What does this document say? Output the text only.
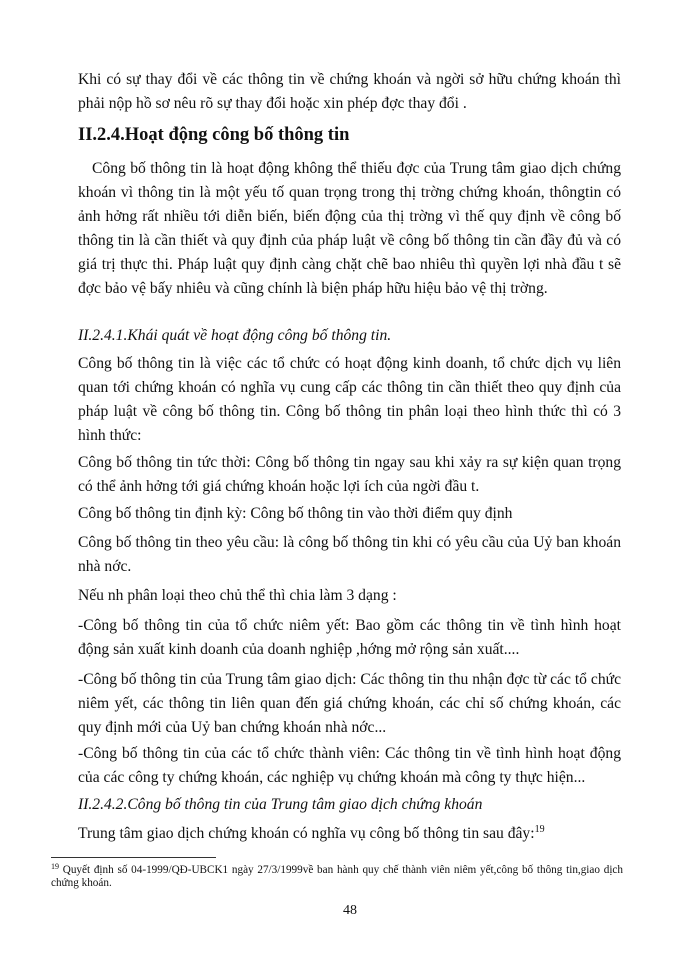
Khi có sự thay đổi về các thông tin về chứng khoán và ngời sở hữu chứng khoán thì phải nộp hồ sơ nêu rõ sự thay đổi hoặc xin phép đợc thay đổi .

II.2.4.Hoạt động công bố thông tin

Công bố thông tin là hoạt động không thể thiếu đợc của Trung tâm giao dịch chứng khoán vì thông tin là một yếu tố quan trọng trong thị trờng chứng khoán, thôngtin có ảnh hởng rất nhiều tới diễn biến, biến động của thị trờng vì thế quy định về công bố thông tin là cần thiết và quy định của pháp luật về công bố thông tin cần đầy đủ và có giá trị thực thi. Pháp luật quy định càng chặt chẽ bao nhiêu thì quyền lợi nhà đầu t sẽ đợc bảo vệ bấy nhiêu và cũng chính là biện pháp hữu hiệu bảo vệ thị trờng.

II.2.4.1.Khái quát về hoạt động công bố thông tin.

Công bố thông tin là việc các tổ chức có hoạt động kinh doanh, tổ chức dịch vụ liên quan tới chứng khoán có nghĩa vụ cung cấp các thông tin cần thiết theo quy định của pháp luật về công bố thông tin. Công bố thông tin phân loại theo hình thức thì có 3 hình thức:

Công bố thông tin tức thời: Công bố thông tin ngay sau khi xảy ra sự kiện quan trọng có thể ảnh hởng tới giá chứng khoán hoặc lợi ích của ngời đầu t.

Công bố thông tin định kỳ: Công bố thông tin vào thời điểm quy định

Công bố thông tin theo yêu cầu: là công bố thông tin khi có yêu cầu của Uỷ ban khoán nhà nớc.

Nếu nh phân loại theo chủ thể thì chia làm 3 dạng :

-Công bố thông tin của tổ chức niêm yết: Bao gồm các thông tin về tình hình hoạt động sản xuất kinh doanh của doanh nghiệp ,hớng mở rộng sản xuất....

-Công bố thông tin của Trung tâm giao dịch: Các thông tin thu nhận đợc từ các tổ chức niêm yết, các thông tin liên quan đến giá chứng khoán, các chỉ số chứng khoán, các quy định mới của Uỷ ban chứng khoán nhà nớc...

-Công bố thông tin của các tổ chức thành viên: Các thông tin về tình hình hoạt động của các công ty chứng khoán, các nghiệp vụ chứng khoán mà công ty thực hiện...

II.2.4.2.Công bố thông tin của Trung tâm giao dịch chứng khoán

Trung tâm giao dịch chứng khoán có nghĩa vụ công bố thông tin sau đây:$^{19}$

$^{19}$ Quyết định số 04-1999/QĐ-UBCK1 ngày 27/3/1999về ban hành quy chế thành viên niêm yết,công bố thông tin,giao dịch chứng khoán.

48
